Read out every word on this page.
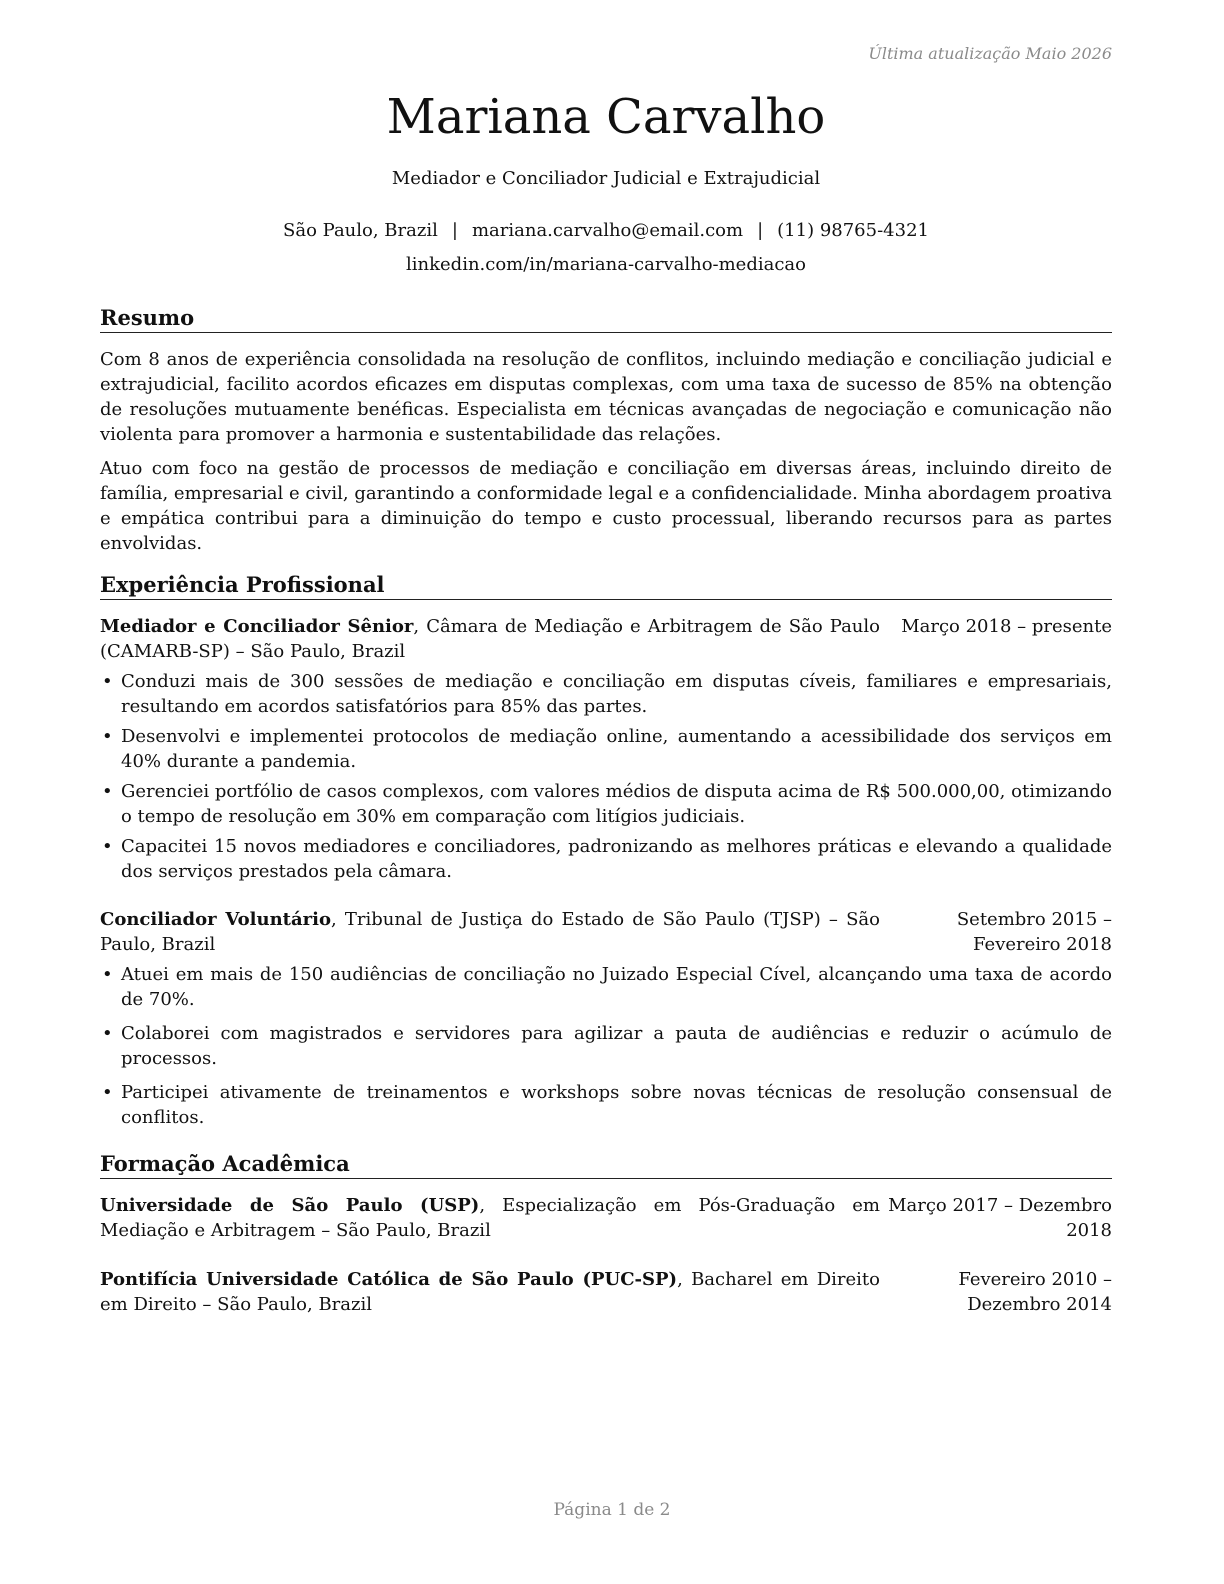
Última atualização Maio 2026
Mariana Carvalho
Mediador e Conciliador Judicial e Extrajudicial
São Paulo, Brazil | mariana.carvalho@email.com | (11) 98765-4321
linkedin.com/in/mariana-carvalho-mediacao
Resumo

Com 8 anos de experiência consolidada na resolução de conflitos, incluindo mediação e conciliação judicial e extrajudicial, facilito acordos eficazes em disputas complexas, com uma taxa de sucesso de 85% na obtenção de resoluções mutuamente benéficas. Especialista em técnicas avançadas de negociação e comunicação não violenta para promover a harmonia e sustentabilidade das relações.

Atuo com foco na gestão de processos de mediação e conciliação em diversas áreas, incluindo direito de família, empresarial e civil, garantindo a conformidade legal e a confidencialidade. Minha abordagem proativa e empática contribui para a diminuição do tempo e custo processual, liberando recursos para as partes envolvidas.

Experiência Profissional
Mediador e Conciliador Sênior, Câmara de Mediação e Arbitragem de São Paulo (CAMARB-SP) – São Paulo, Brazil
Março 2018 – presente
• Conduzi mais de 300 sessões de mediação e conciliação em disputas cíveis, familiares e empresariais, resultando em acordos satisfatórios para 85% das partes.
• Desenvolvi e implementei protocolos de mediação online, aumentando a acessibilidade dos serviços em 40% durante a pandemia.
• Gerenciei portfólio de casos complexos, com valores médios de disputa acima de R$ 500.000,00, otimizando o tempo de resolução em 30% em comparação com litígios judiciais.
• Capacitei 15 novos mediadores e conciliadores, padronizando as melhores práticas e elevando a qualidade dos serviços prestados pela câmara.
Conciliador Voluntário, Tribunal de Justiça do Estado de São Paulo (TJSP) – São Paulo, Brazil
Setembro 2015 – Fevereiro 2018
• Atuei em mais de 150 audiências de conciliação no Juizado Especial Cível, alcançando uma taxa de acordo de 70%.
• Colaborei com magistrados e servidores para agilizar a pauta de audiências e reduzir o acúmulo de processos.
• Participei ativamente de treinamentos e workshops sobre novas técnicas de resolução consensual de conflitos.
Formação Acadêmica
Universidade de São Paulo (USP), Especialização em Pós-Graduação em Mediação e Arbitragem – São Paulo, Brazil
Março 2017 – Dezembro 2018
Pontifícia Universidade Católica de São Paulo (PUC-SP), Bacharel em Direito em Direito – São Paulo, Brazil
Fevereiro 2010 – Dezembro 2014
Página 1 de 2
